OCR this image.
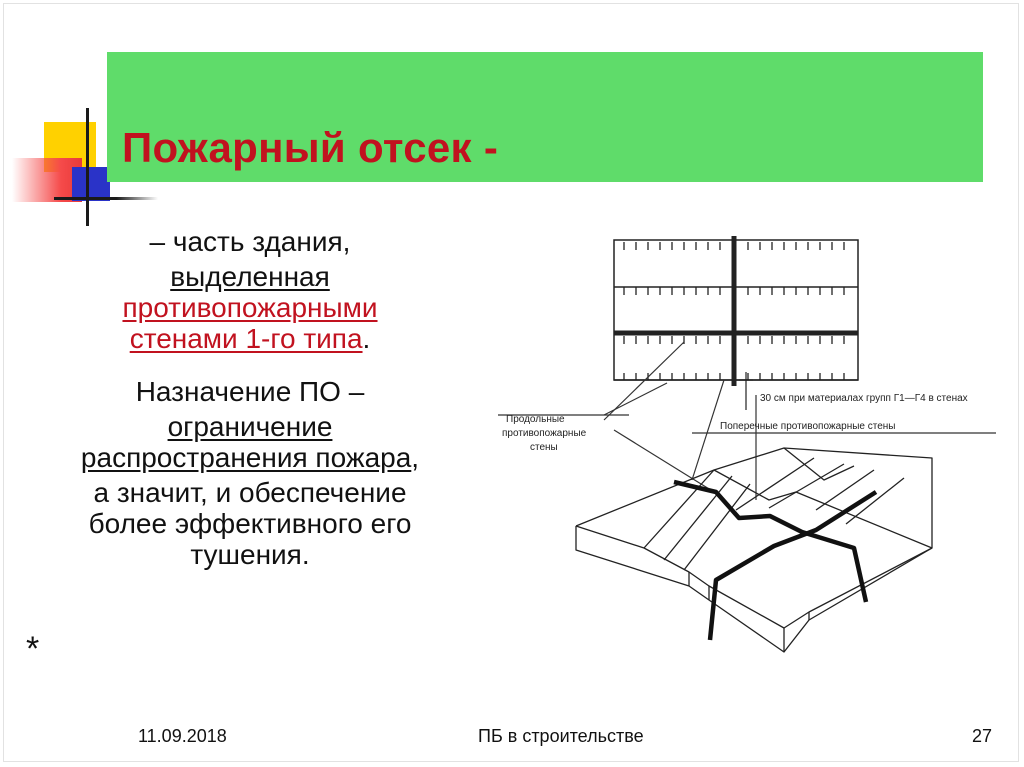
Пожарный отсек -
– часть здания,
выделенная
противопожарными
стенами 1-го типа.
Назначение ПО –
ограничение
распространения пожара,
а значит, и обеспечение
более эффективного его
тушения.
*
30 см при материалах групп Г1—Г4 в стенах
Продольные
противопожарные
стены
Поперечные противопожарные стены
11.09.2018	ПБ в строительстве	27
